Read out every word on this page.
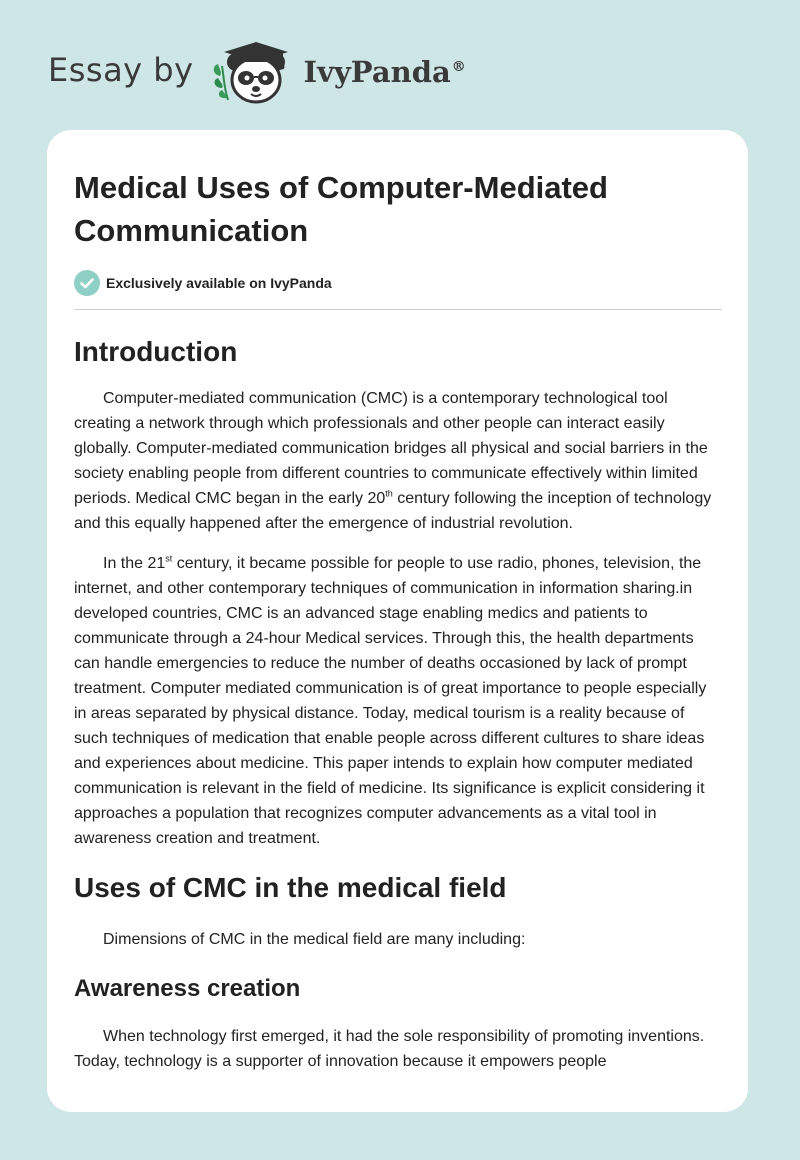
Essay by	IvyPanda®
Medical Uses of Computer-Mediated Communication
Exclusively available on IvyPanda
Introduction

Computer-mediated communication (CMC) is a contemporary technological tool creating a network through which professionals and other people can interact easily globally. Computer-mediated communication bridges all physical and social barriers in the society enabling people from different countries to communicate effectively within limited periods. Medical CMC began in the early 20th century following the inception of technology and this equally happened after the emergence of industrial revolution.

In the 21st century, it became possible for people to use radio, phones, television, the internet, and other contemporary techniques of communication in information sharing.in developed countries, CMC is an advanced stage enabling medics and patients to communicate through a 24-hour Medical services. Through this, the health departments can handle emergencies to reduce the number of deaths occasioned by lack of prompt treatment. Computer mediated communication is of great importance to people especially in areas separated by physical distance. Today, medical tourism is a reality because of such techniques of medication that enable people across different cultures to share ideas and experiences about medicine. This paper intends to explain how computer mediated communication is relevant in the field of medicine. Its significance is explicit considering it approaches a population that recognizes computer advancements as a vital tool in awareness creation and treatment.

Uses of CMC in the medical field

Dimensions of CMC in the medical field are many including:

Awareness creation

When technology first emerged, it had the sole responsibility of promoting inventions. Today, technology is a supporter of innovation because it empowers people
